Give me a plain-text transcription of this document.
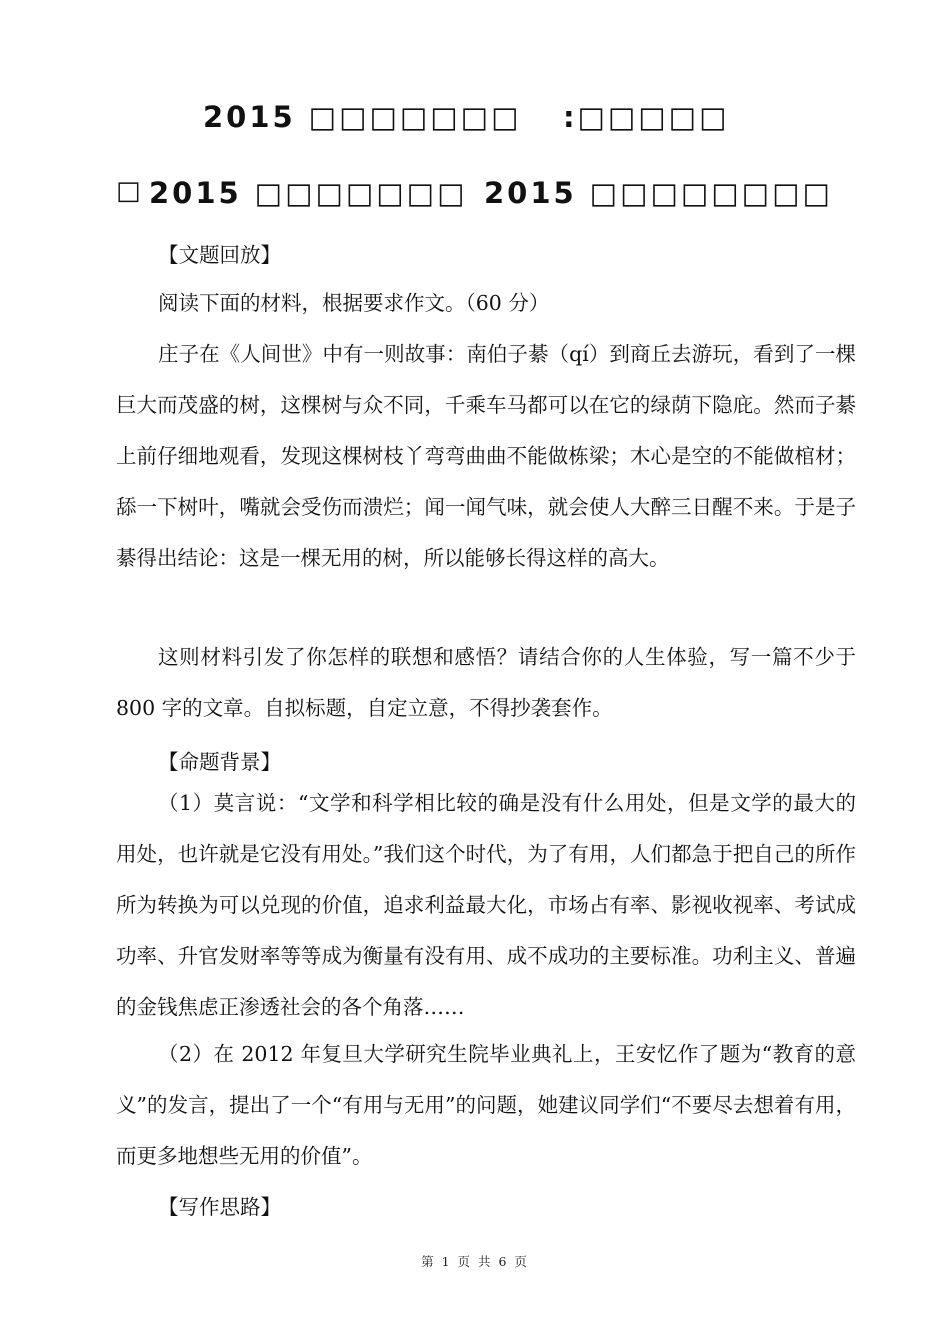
2015 □□□□□□□ :□□□□□
□ 2015 □□□□□□□ 2015 □□□□□□□□
【文题回放】
阅读下面的材料，根据要求作文。（60 分）
庄子在《人间世》中有一则故事：南伯子綦（qí）到商丘去游玩，看到了一棵巨大而茂盛的树，这棵树与众不同，千乘车马都可以在它的绿荫下隐庇。然而子綦上前仔细地观看，发现这棵树枝丫弯弯曲曲不能做栋梁；木心是空的不能做棺材；舔一下树叶，嘴就会受伤而溃烂；闻一闻气味，就会使人大醉三日醒不来。于是子綦得出结论：这是一棵无用的树，所以能够长得这样的高大。
这则材料引发了你怎样的联想和感悟？请结合你的人生体验，写一篇不少于 800 字的文章。自拟标题，自定立意，不得抄袭套作。
【命题背景】
（1）莫言说：“文学和科学相比较的确是没有什么用处，但是文学的最大的用处，也许就是它没有用处。”我们这个时代，为了有用，人们都急于把自己的所作所为转换为可以兑现的价值，追求利益最大化，市场占有率、影视收视率、考试成功率、升官发财率等等成为衡量有没有用、成不成功的主要标准。功利主义、普遍的金钱焦虑正渗透社会的各个角落……
（2）在 2012 年复旦大学研究生院毕业典礼上，王安忆作了题为“教育的意义”的发言，提出了一个“有用与无用”的问题，她建议同学们“不要尽去想着有用，而更多地想些无用的价值”。
【写作思路】
第 1 页 共 6 页
